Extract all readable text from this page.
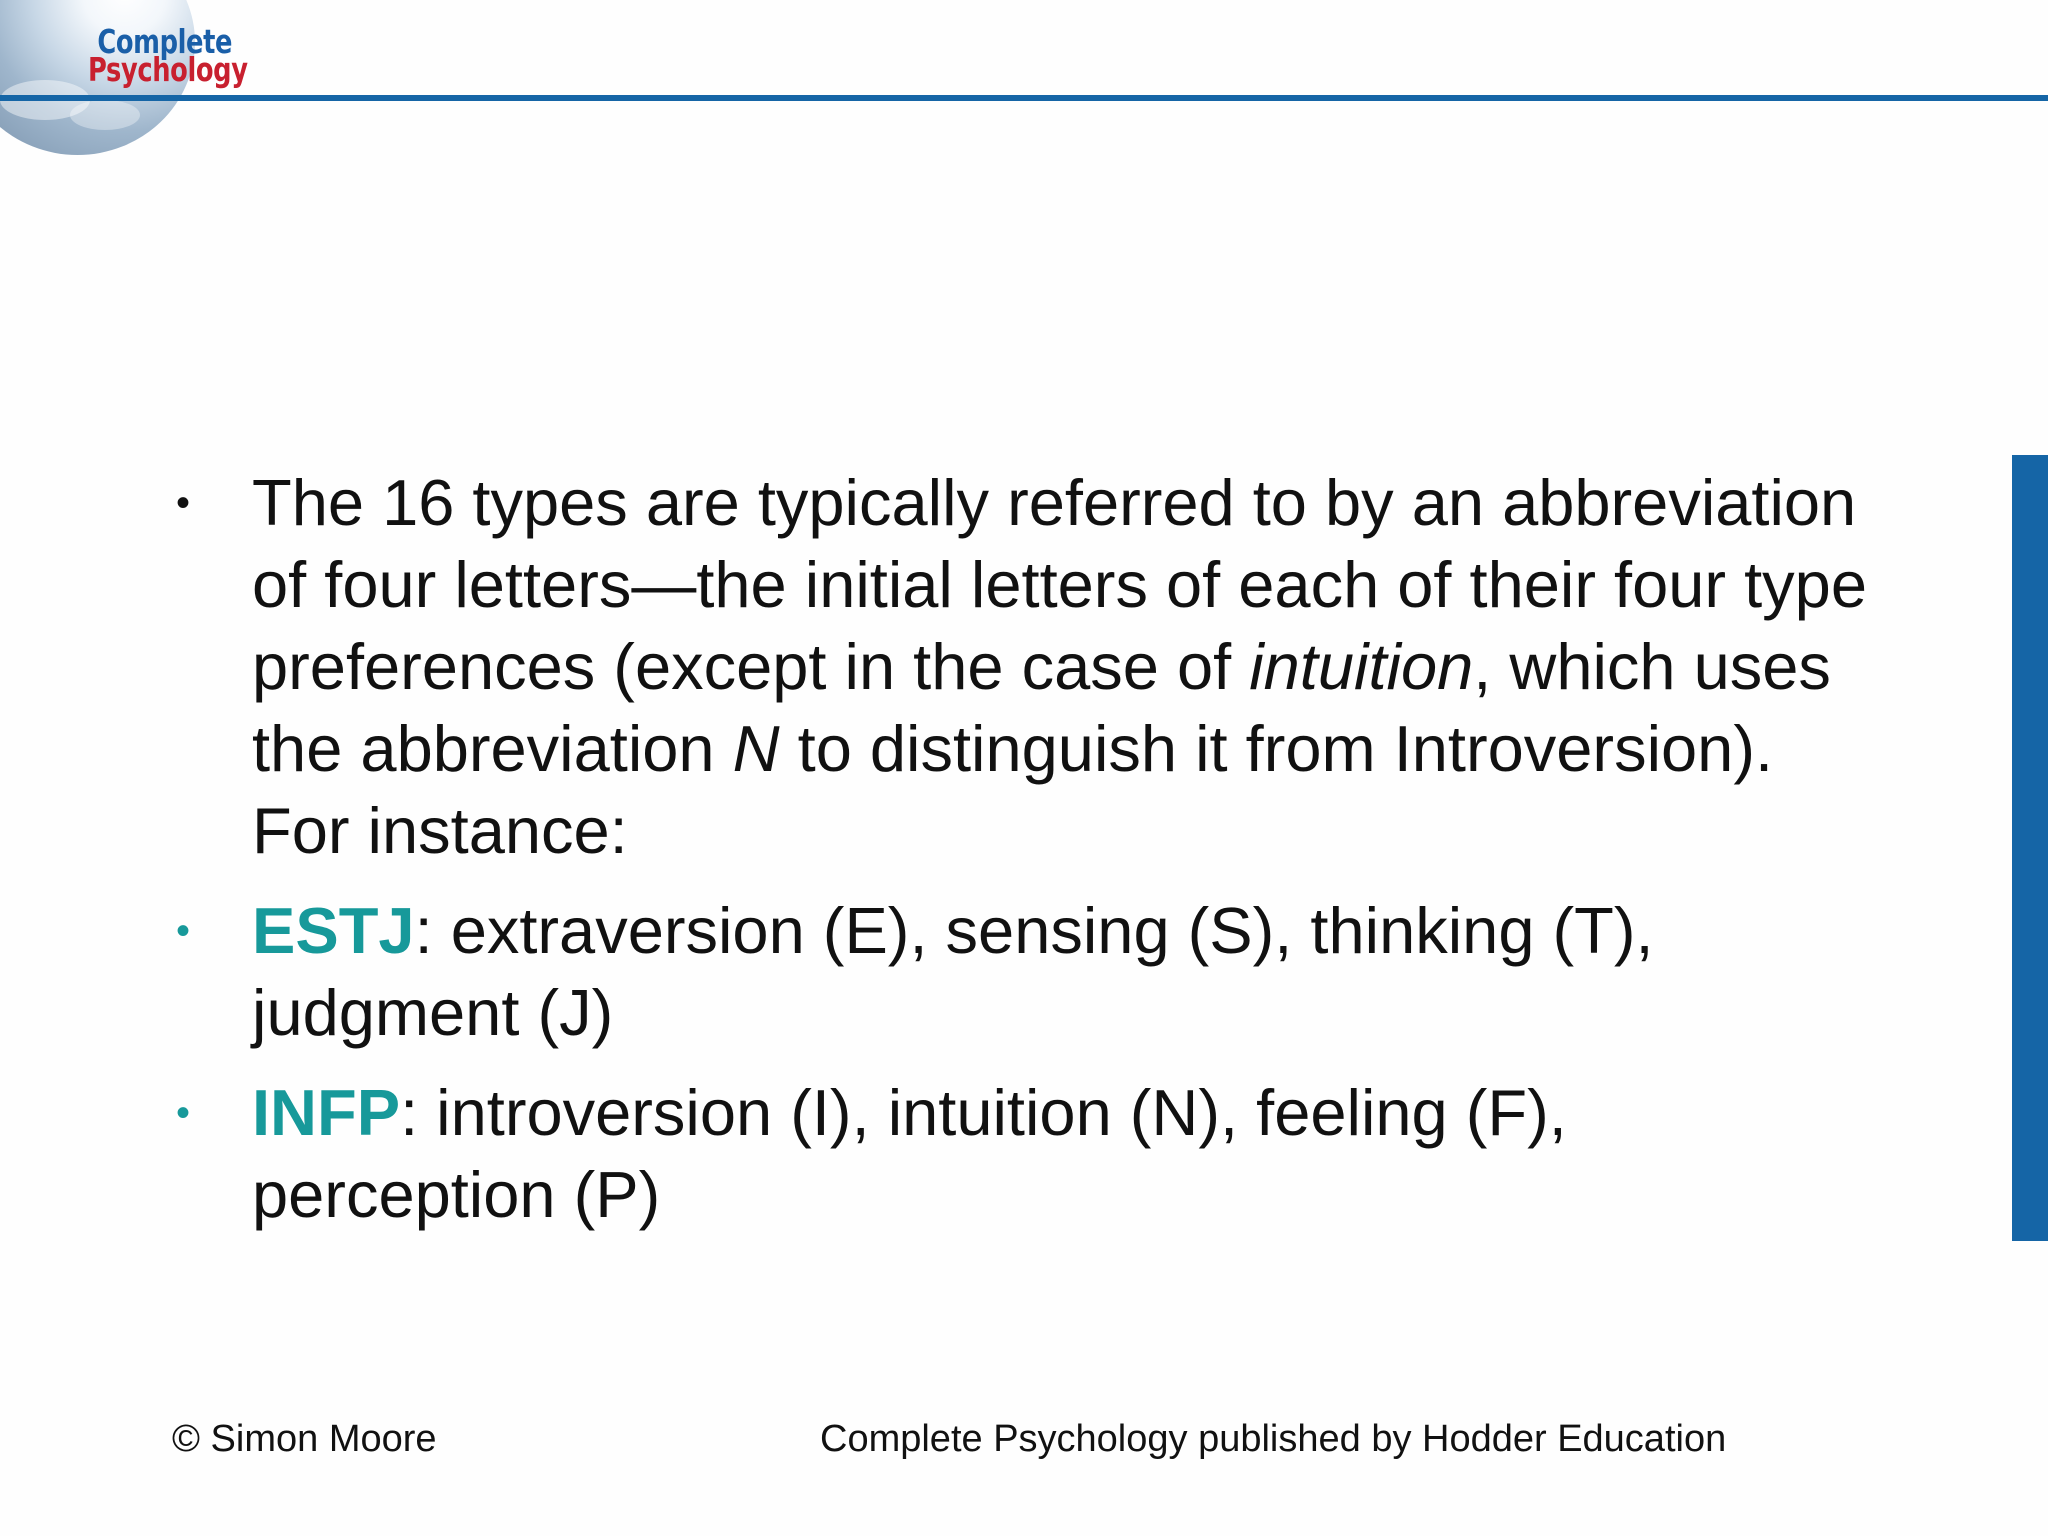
Complete
Psychology

• The 16 types are typically referred to by an abbreviation of four letters—the initial letters of each of their four type preferences (except in the case of intuition, which uses the abbreviation N to distinguish it from Introversion). For instance:

• ESTJ: extraversion (E), sensing (S), thinking (T), judgment (J)

• INFP: introversion (I), intuition (N), feeling (F), perception (P)

© Simon Moore	Complete Psychology published by Hodder Education
